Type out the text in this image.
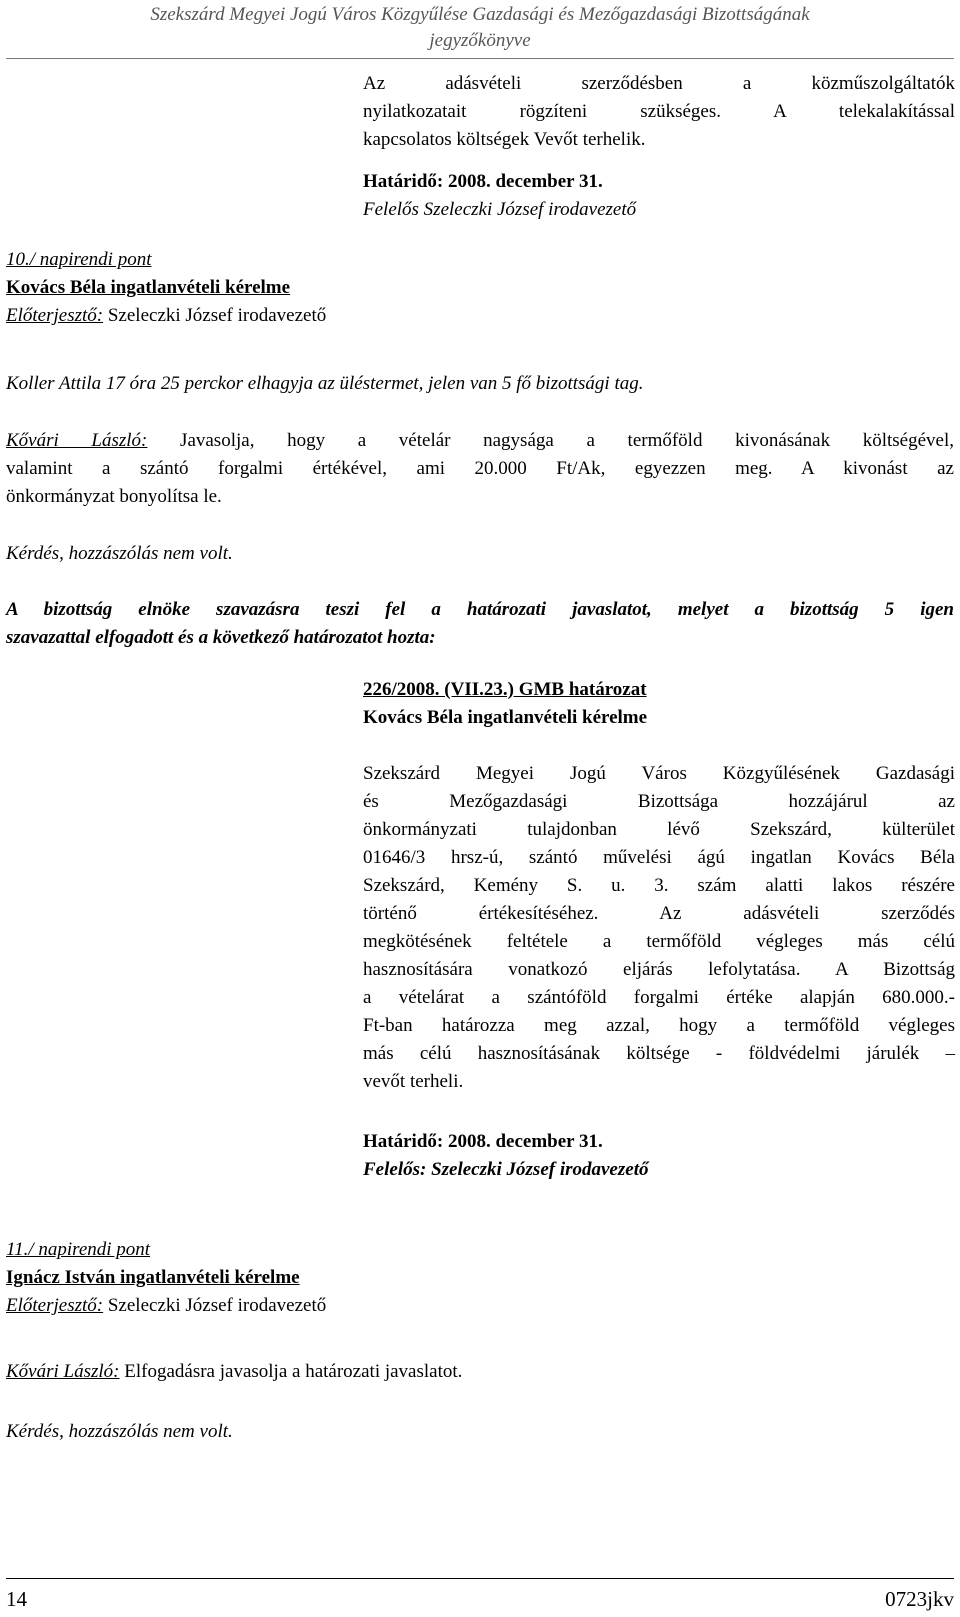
Szekszárd Megyei Jogú Város Közgyűlése Gazdasági és Mezőgazdasági Bizottságának
jegyzőkönyve
Az adásvételi szerződésben a közműszolgáltatók
nyilatkozatait rögzíteni szükséges. A telekalakítással
kapcsolatos költségek Vevőt terhelik.
Határidő: 2008. december 31.
Felelős Szeleczki József irodavezető
10./ napirendi pont
Kovács Béla ingatlanvételi kérelme
Előterjesztő: Szeleczki József irodavezető
Koller Attila 17 óra 25 perckor elhagyja az üléstermet, jelen van 5 fő bizottsági tag.
Kővári László: Javasolja, hogy a vételár nagysága a termőföld kivonásának költségével,
valamint a szántó forgalmi értékével, ami 20.000 Ft/Ak, egyezzen meg. A kivonást az
önkormányzat bonyolítsa le.
Kérdés, hozzászólás nem volt.
A bizottság elnöke szavazásra teszi fel a határozati javaslatot, melyet a bizottság 5 igen
szavazattal elfogadott és a következő határozatot hozta:
226/2008. (VII.23.) GMB határozat
Kovács Béla ingatlanvételi kérelme
Szekszárd Megyei Jogú Város Közgyűlésének Gazdasági
és Mezőgazdasági Bizottsága hozzájárul az
önkormányzati tulajdonban lévő Szekszárd, külterület
01646/3 hrsz-ú, szántó művelési ágú ingatlan Kovács Béla
Szekszárd, Kemény S. u. 3. szám alatti lakos részére
történő értékesítéséhez. Az adásvételi szerződés
megkötésének feltétele a termőföld végleges más célú
hasznosítására vonatkozó eljárás lefolytatása. A Bizottság
a vételárat a szántóföld forgalmi értéke alapján 680.000.-
Ft-ban határozza meg azzal, hogy a termőföld végleges
más célú hasznosításának költsége - földvédelmi járulék –
vevőt terheli.
Határidő: 2008. december 31.
Felelős: Szeleczki József irodavezető
11./ napirendi pont
Ignácz István ingatlanvételi kérelme
Előterjesztő: Szeleczki József irodavezető
Kővári László: Elfogadásra javasolja a határozati javaslatot.
Kérdés, hozzászólás nem volt.
14	0723jkv
